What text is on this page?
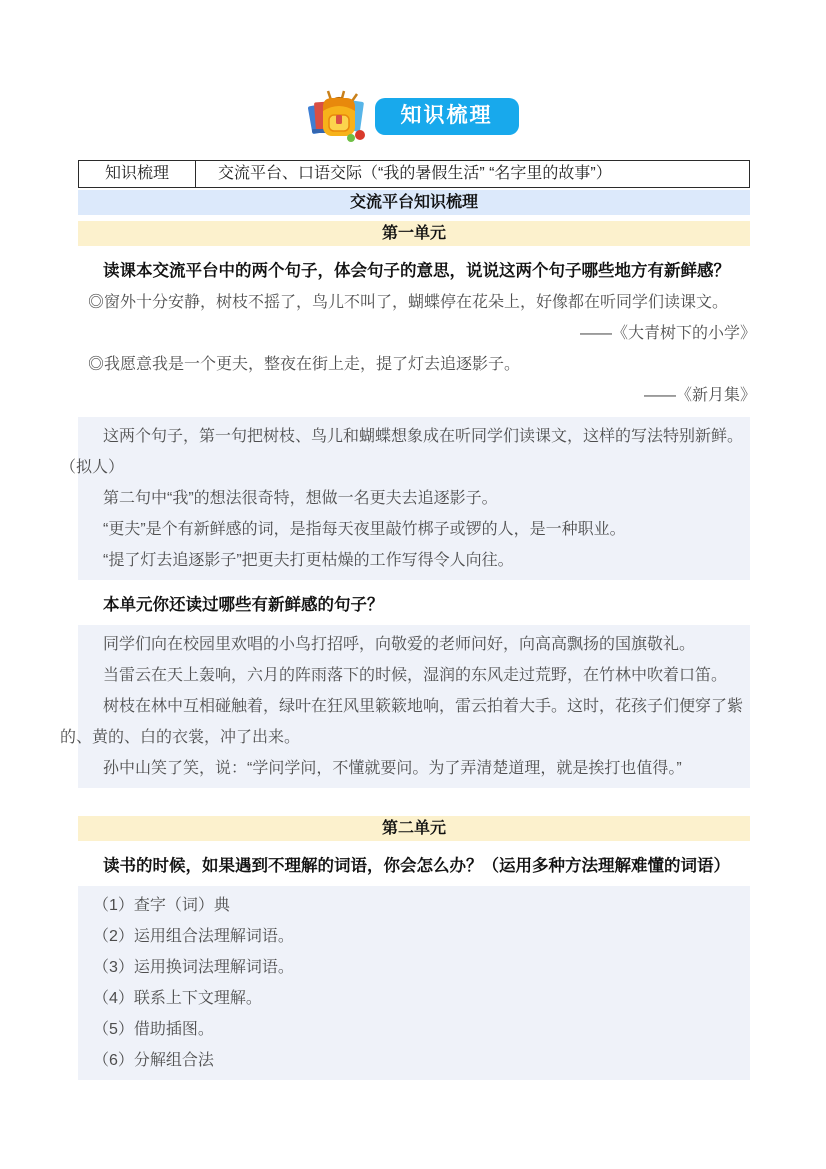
知识梳理
知识梳理	交流平台、口语交际（“我的暑假生活” “名字里的故事”）
交流平台知识梳理
第一单元

读课本交流平台中的两个句子，体会句子的意思，说说这两个句子哪些地方有新鲜感？

◎窗外十分安静，树枝不摇了，鸟儿不叫了，蝴蝶停在花朵上，好像都在听同学们读课文。

——《大青树下的小学》

◎我愿意我是一个更夫，整夜在街上走，提了灯去追逐影子。

——《新月集》

这两个句子，第一句把树枝、鸟儿和蝴蝶想象成在听同学们读课文，这样的写法特别新鲜。（拟人）

第二句中“我”的想法很奇特，想做一名更夫去追逐影子。

“更夫”是个有新鲜感的词，是指每天夜里敲竹梆子或锣的人，是一种职业。

“提了灯去追逐影子”把更夫打更枯燥的工作写得令人向往。

本单元你还读过哪些有新鲜感的句子？

同学们向在校园里欢唱的小鸟打招呼，向敬爱的老师问好，向高高飘扬的国旗敬礼。

当雷云在天上轰响，六月的阵雨落下的时候，湿润的东风走过荒野，在竹林中吹着口笛。

树枝在林中互相碰触着，绿叶在狂风里簌簌地响，雷云拍着大手。这时，花孩子们便穿了紫的、黄的、白的衣裳，冲了出来。

孙中山笑了笑，说：“学问学问，不懂就要问。为了弄清楚道理，就是挨打也值得。”

第二单元

读书的时候，如果遇到不理解的词语，你会怎么办？（运用多种方法理解难懂的词语）

（1）查字（词）典

（2）运用组合法理解词语。

（3）运用换词法理解词语。

（4）联系上下文理解。

（5）借助插图。

（6）分解组合法
